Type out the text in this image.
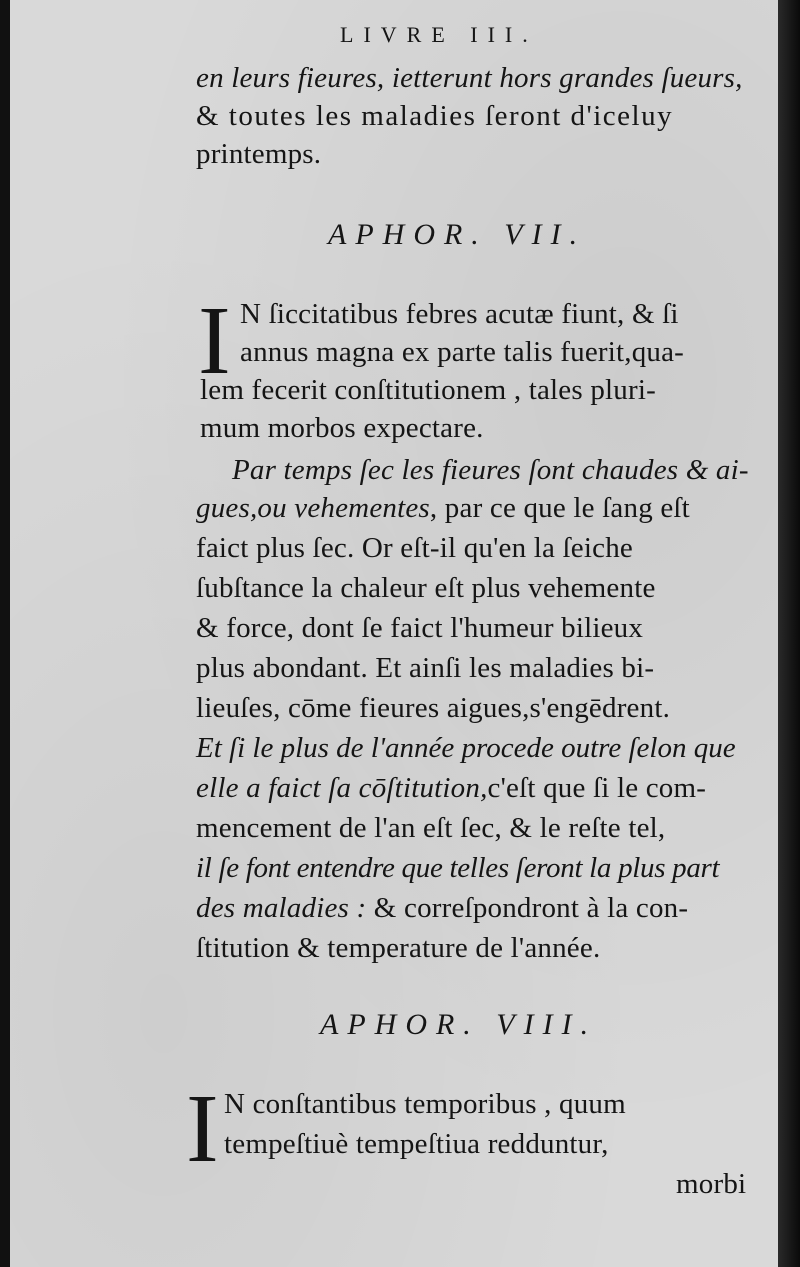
LIVRE III.
en leurs fieures, ietterunt hors grandes ſueurs,
& toutes les maladies ſeront d'iceluy
printemps.
APHOR. VII.
I N ſiccitatibus febres acutæ fiunt, & ſi
annus magna ex parte talis fuerit,qua-
lem fecerit conſtitutionem , tales pluri-
mum morbos expectare.
Par temps ſec les fieures ſont chaudes & ai-
gues,ou vehementes, par ce que le ſang eſt
faict plus ſec. Or eſt-il qu'en la ſeiche
ſubſtance la chaleur eſt plus vehemente
& force, dont ſe faict l'humeur bilieux
plus abondant. Et ainſi les maladies bi-
lieuſes, cōme fieures aigues,s'engēdrent.
Et ſi le plus de l'année procede outre ſelon que
elle a faict ſa cōſtitution,c'eſt que ſi le com-
mencement de l'an eſt ſec, & le reſte tel,
il ſe font entendre que telles ſeront la plus part
des maladies : & correſpondront à la con-
ſtitution & temperature de l'année.
APHOR. VIII.
I N conſtantibus temporibus , quum
tempeſtiuè tempeſtiua redduntur,
morbi
